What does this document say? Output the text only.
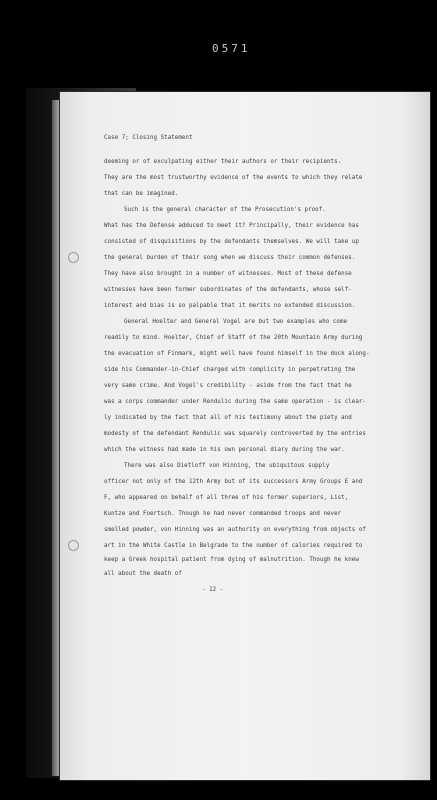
0571
Case 7; Closing Statement
deeming or of exculpating either their authors or their recipients.
They are the most trustworthy evidence of the events to which they relate
that can be imagined.
Such is the general character of the Prosecution's proof.
What has the Defense adduced to meet it? Principally, their evidence has
consisted of disquisitions by the defendants themselves. We will take up
the general burden of their song when we discuss their common defenses.
They have also brought in a number of witnesses. Most of these defense
witnesses have been former subordinates of the defendants, whose self-
interest and bias is so palpable that it merits no extended discussion.
General Hoelter and General Vogel are but two examples who come
readily to mind. Hoelter, Chief of Staff of the 20th Mountain Army during
the evacuation of Finmark, might well have found himself in the dock along-
side his Commander-in-Chief charged with complicity in perpetrating the
very same crime. And Vogel's credibility - aside from the fact that he
was a corps commander under Rendulic during the same operation - is clear-
ly indicated by the fact that all of his testimony about the piety and
modesty of the defendant Rendulic was squarely controverted by the entries
which the witness had made in his own personal diary during the war.
There was also Dietloff von Hinning, the ubiquitous supply
officer not only of the 12th Army but of its successors Army Groups E and
F, who appeared on behalf of all three of his former superiors, List,
Kuntze and Foertsch. Though he had never commanded troops and never
smelled powder, von Hinning was an authority on everything from objects of
art in the White Castle in Belgrade to the number of calories required to
keep a Greek hospital patient from dying of malnutrition. Though he knew
all about the death of
- 12 -
